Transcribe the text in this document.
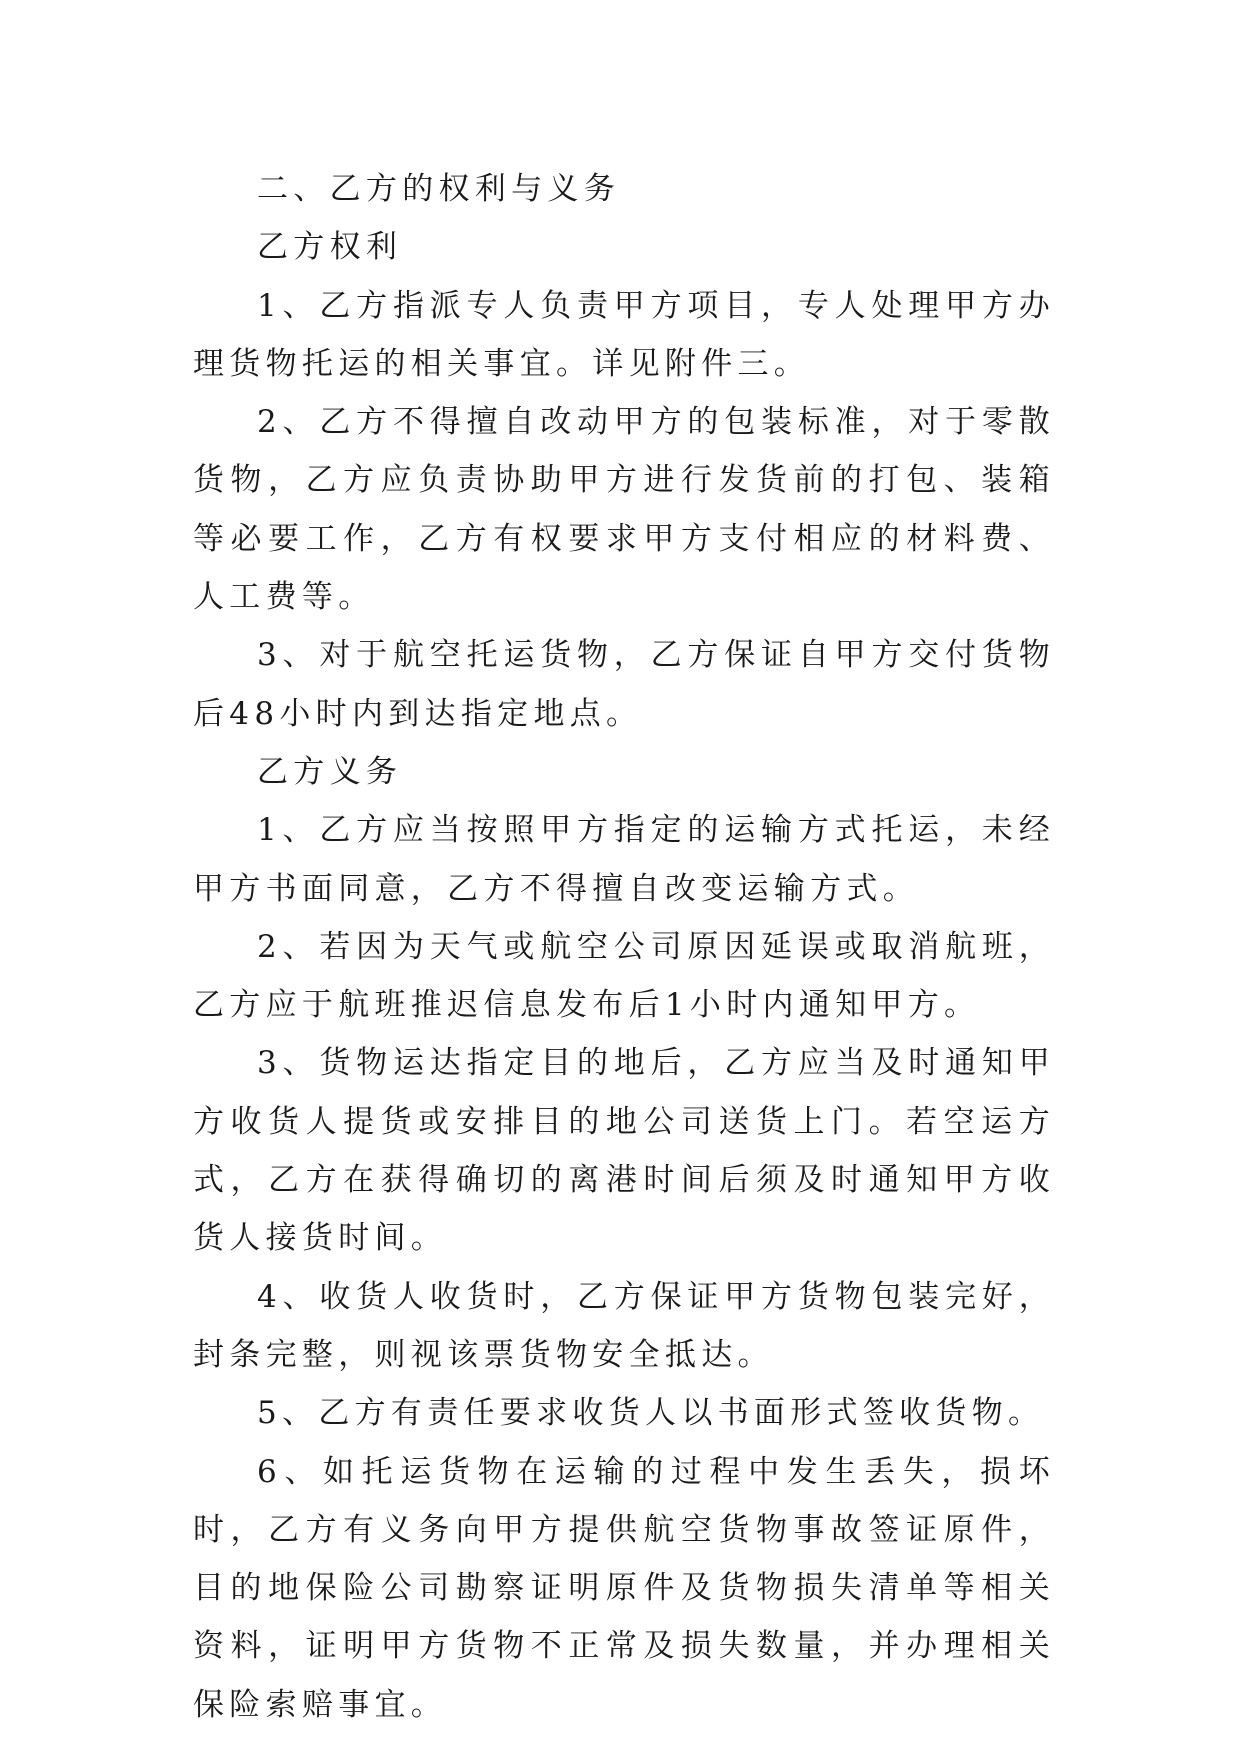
二、乙方的权利与义务

乙方权利

1、乙方指派专人负责甲方项目，专人处理甲方办理货物托运的相关事宜。详见附件三。

2、乙方不得擅自改动甲方的包装标准，对于零散货物，乙方应负责协助甲方进行发货前的打包、装箱等必要工作，乙方有权要求甲方支付相应的材料费、人工费等。

3、对于航空托运货物，乙方保证自甲方交付货物后48小时内到达指定地点。

乙方义务

1、乙方应当按照甲方指定的运输方式托运，未经甲方书面同意，乙方不得擅自改变运输方式。

2、若因为天气或航空公司原因延误或取消航班，乙方应于航班推迟信息发布后1小时内通知甲方。

3、货物运达指定目的地后，乙方应当及时通知甲方收货人提货或安排目的地公司送货上门。若空运方式，乙方在获得确切的离港时间后须及时通知甲方收货人接货时间。

4、收货人收货时，乙方保证甲方货物包装完好，封条完整，则视该票货物安全抵达。

5、乙方有责任要求收货人以书面形式签收货物。

6、如托运货物在运输的过程中发生丢失，损坏时，乙方有义务向甲方提供航空货物事故签证原件，目的地保险公司勘察证明原件及货物损失清单等相关资料，证明甲方货物不正常及损失数量，并办理相关保险索赔事宜。
